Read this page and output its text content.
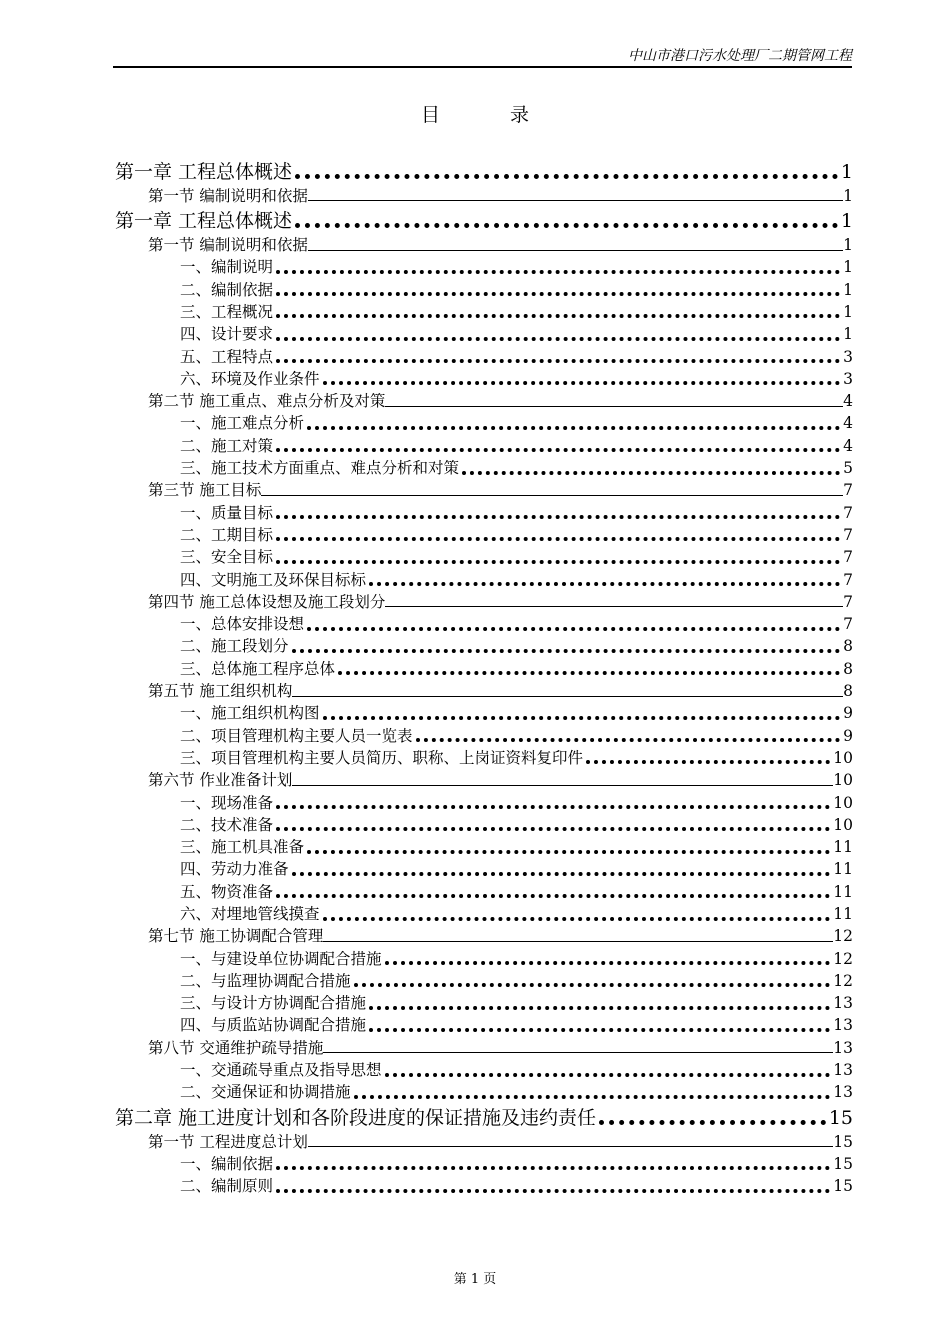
中山市港口污水处理厂二期管网工程
目录
第一章 工程总体概述	1
第一节 编制说明和依据	1
第一章 工程总体概述	1
第一节 编制说明和依据	1
一、编制说明	1
二、编制依据	1
三、工程概况	1
四、设计要求	1
五、工程特点	3
六、环境及作业条件	3
第二节 施工重点、难点分析及对策	4
一、施工难点分析	4
二、施工对策	4
三、施工技术方面重点、难点分析和对策	5
第三节 施工目标	7
一、质量目标	7
二、工期目标	7
三、安全目标	7
四、文明施工及环保目标标	7
第四节 施工总体设想及施工段划分	7
一、总体安排设想	7
二、施工段划分	8
三、总体施工程序总体	8
第五节 施工组织机构	8
一、施工组织机构图	9
二、项目管理机构主要人员一览表	9
三、项目管理机构主要人员简历、职称、上岗证资料复印件	10
第六节 作业准备计划	10
一、现场准备	10
二、技术准备	10
三、施工机具准备	11
四、劳动力准备	11
五、物资准备	11
六、对埋地管线摸查	11
第七节 施工协调配合管理	12
一、与建设单位协调配合措施	12
二、与监理协调配合措施	12
三、与设计方协调配合措施	13
四、与质监站协调配合措施	13
第八节 交通维护疏导措施	13
一、交通疏导重点及指导思想	13
二、交通保证和协调措施	13
第二章 施工进度计划和各阶段进度的保证措施及违约责任	15
第一节 工程进度总计划	15
一、编制依据	15
二、编制原则	15
第 1 页
